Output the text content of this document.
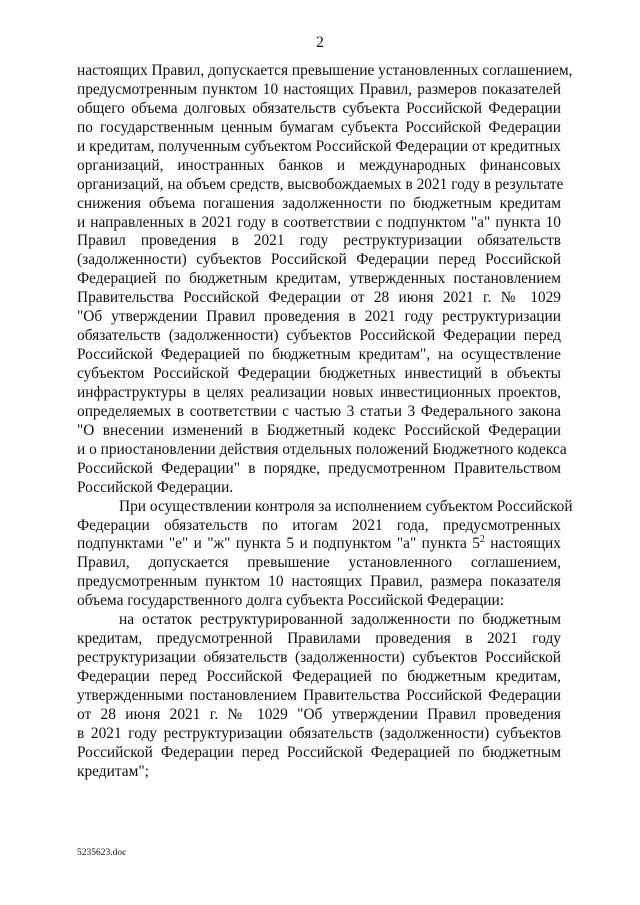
2
настоящих Правил, допускается превышение установленных соглашением,
предусмотренным пунктом 10 настоящих Правил, размеров показателей
общего объема долговых обязательств субъекта Российской Федерации
по государственным ценным бумагам субъекта Российской Федерации
и кредитам, полученным субъектом Российской Федерации от кредитных
организаций, иностранных банков и международных финансовых
организаций, на объем средств, высвобождаемых в 2021 году в результате
снижения объема погашения задолженности по бюджетным кредитам
и направленных в 2021 году в соответствии с подпунктом "а" пункта 10
Правил проведения в 2021 году реструктуризации обязательств
(задолженности) субъектов Российской Федерации перед Российской
Федерацией по бюджетным кредитам, утвержденных постановлением
Правительства Российской Федерации от 28 июня 2021 г. № 1029
"Об утверждении Правил проведения в 2021 году реструктуризации
обязательств (задолженности) субъектов Российской Федерации перед
Российской Федерацией по бюджетным кредитам", на осуществление
субъектом Российской Федерации бюджетных инвестиций в объекты
инфраструктуры в целях реализации новых инвестиционных проектов,
определяемых в соответствии с частью 3 статьи 3 Федерального закона
"О внесении изменений в Бюджетный кодекс Российской Федерации
и о приостановлении действия отдельных положений Бюджетного кодекса
Российской Федерации" в порядке, предусмотренном Правительством
Российской Федерации.
При осуществлении контроля за исполнением субъектом Российской
Федерации обязательств по итогам 2021 года, предусмотренных
подпунктами "е" и "ж" пункта 5 и подпунктом "а" пункта $5^2$ настоящих
Правил, допускается превышение установленного соглашением,
предусмотренным пунктом 10 настоящих Правил, размера показателя
объема государственного долга субъекта Российской Федерации:
на остаток реструктурированной задолженности по бюджетным
кредитам, предусмотренной Правилами проведения в 2021 году
реструктуризации обязательств (задолженности) субъектов Российской
Федерации перед Российской Федерацией по бюджетным кредитам,
утвержденными постановлением Правительства Российской Федерации
от 28 июня 2021 г. № 1029 "Об утверждении Правил проведения
в 2021 году реструктуризации обязательств (задолженности) субъектов
Российской Федерации перед Российской Федерацией по бюджетным
кредитам";
5235623.doc
